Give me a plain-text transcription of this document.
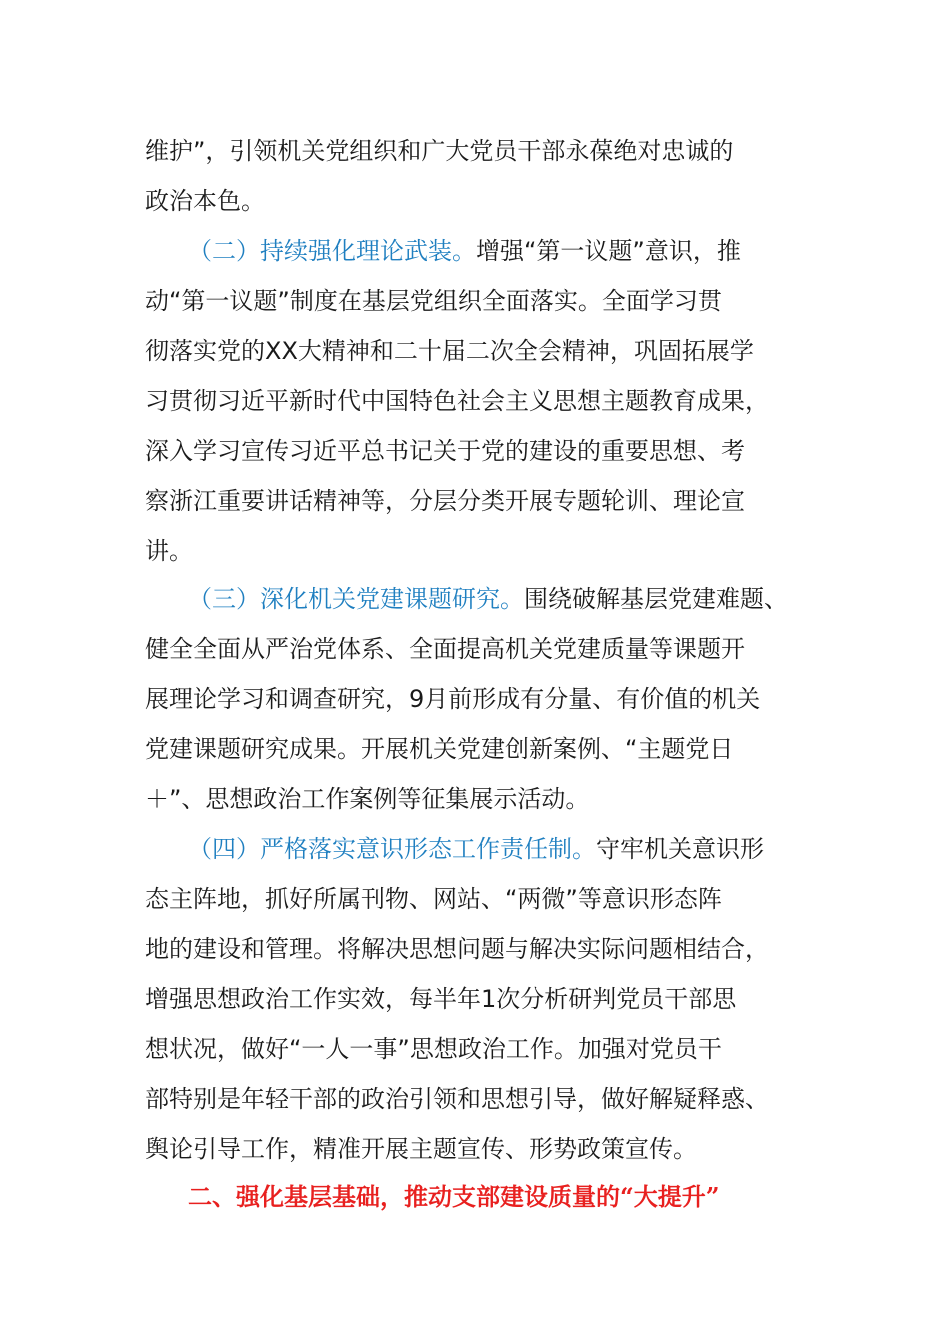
维护”，引领机关党组织和广大党员干部永葆绝对忠诚的
政治本色。
（二）持续强化理论武装。增强“第一议题”意识，推
动“第一议题”制度在基层党组织全面落实。全面学习贯
彻落实党的XX大精神和二十届二次全会精神，巩固拓展学
习贯彻习近平新时代中国特色社会主义思想主题教育成果，
深入学习宣传习近平总书记关于党的建设的重要思想、考
察浙江重要讲话精神等，分层分类开展专题轮训、理论宣
讲。
（三）深化机关党建课题研究。围绕破解基层党建难题、
健全全面从严治党体系、全面提高机关党建质量等课题开
展理论学习和调查研究，9月前形成有分量、有价值的机关
党建课题研究成果。开展机关党建创新案例、“主题党日
＋”、思想政治工作案例等征集展示活动。
（四）严格落实意识形态工作责任制。守牢机关意识形
态主阵地，抓好所属刊物、网站、“两微”等意识形态阵
地的建设和管理。将解决思想问题与解决实际问题相结合，
增强思想政治工作实效，每半年1次分析研判党员干部思
想状况，做好“一人一事”思想政治工作。加强对党员干
部特别是年轻干部的政治引领和思想引导，做好解疑释惑、
舆论引导工作，精准开展主题宣传、形势政策宣传。
二、强化基层基础，推动支部建设质量的“大提升”
